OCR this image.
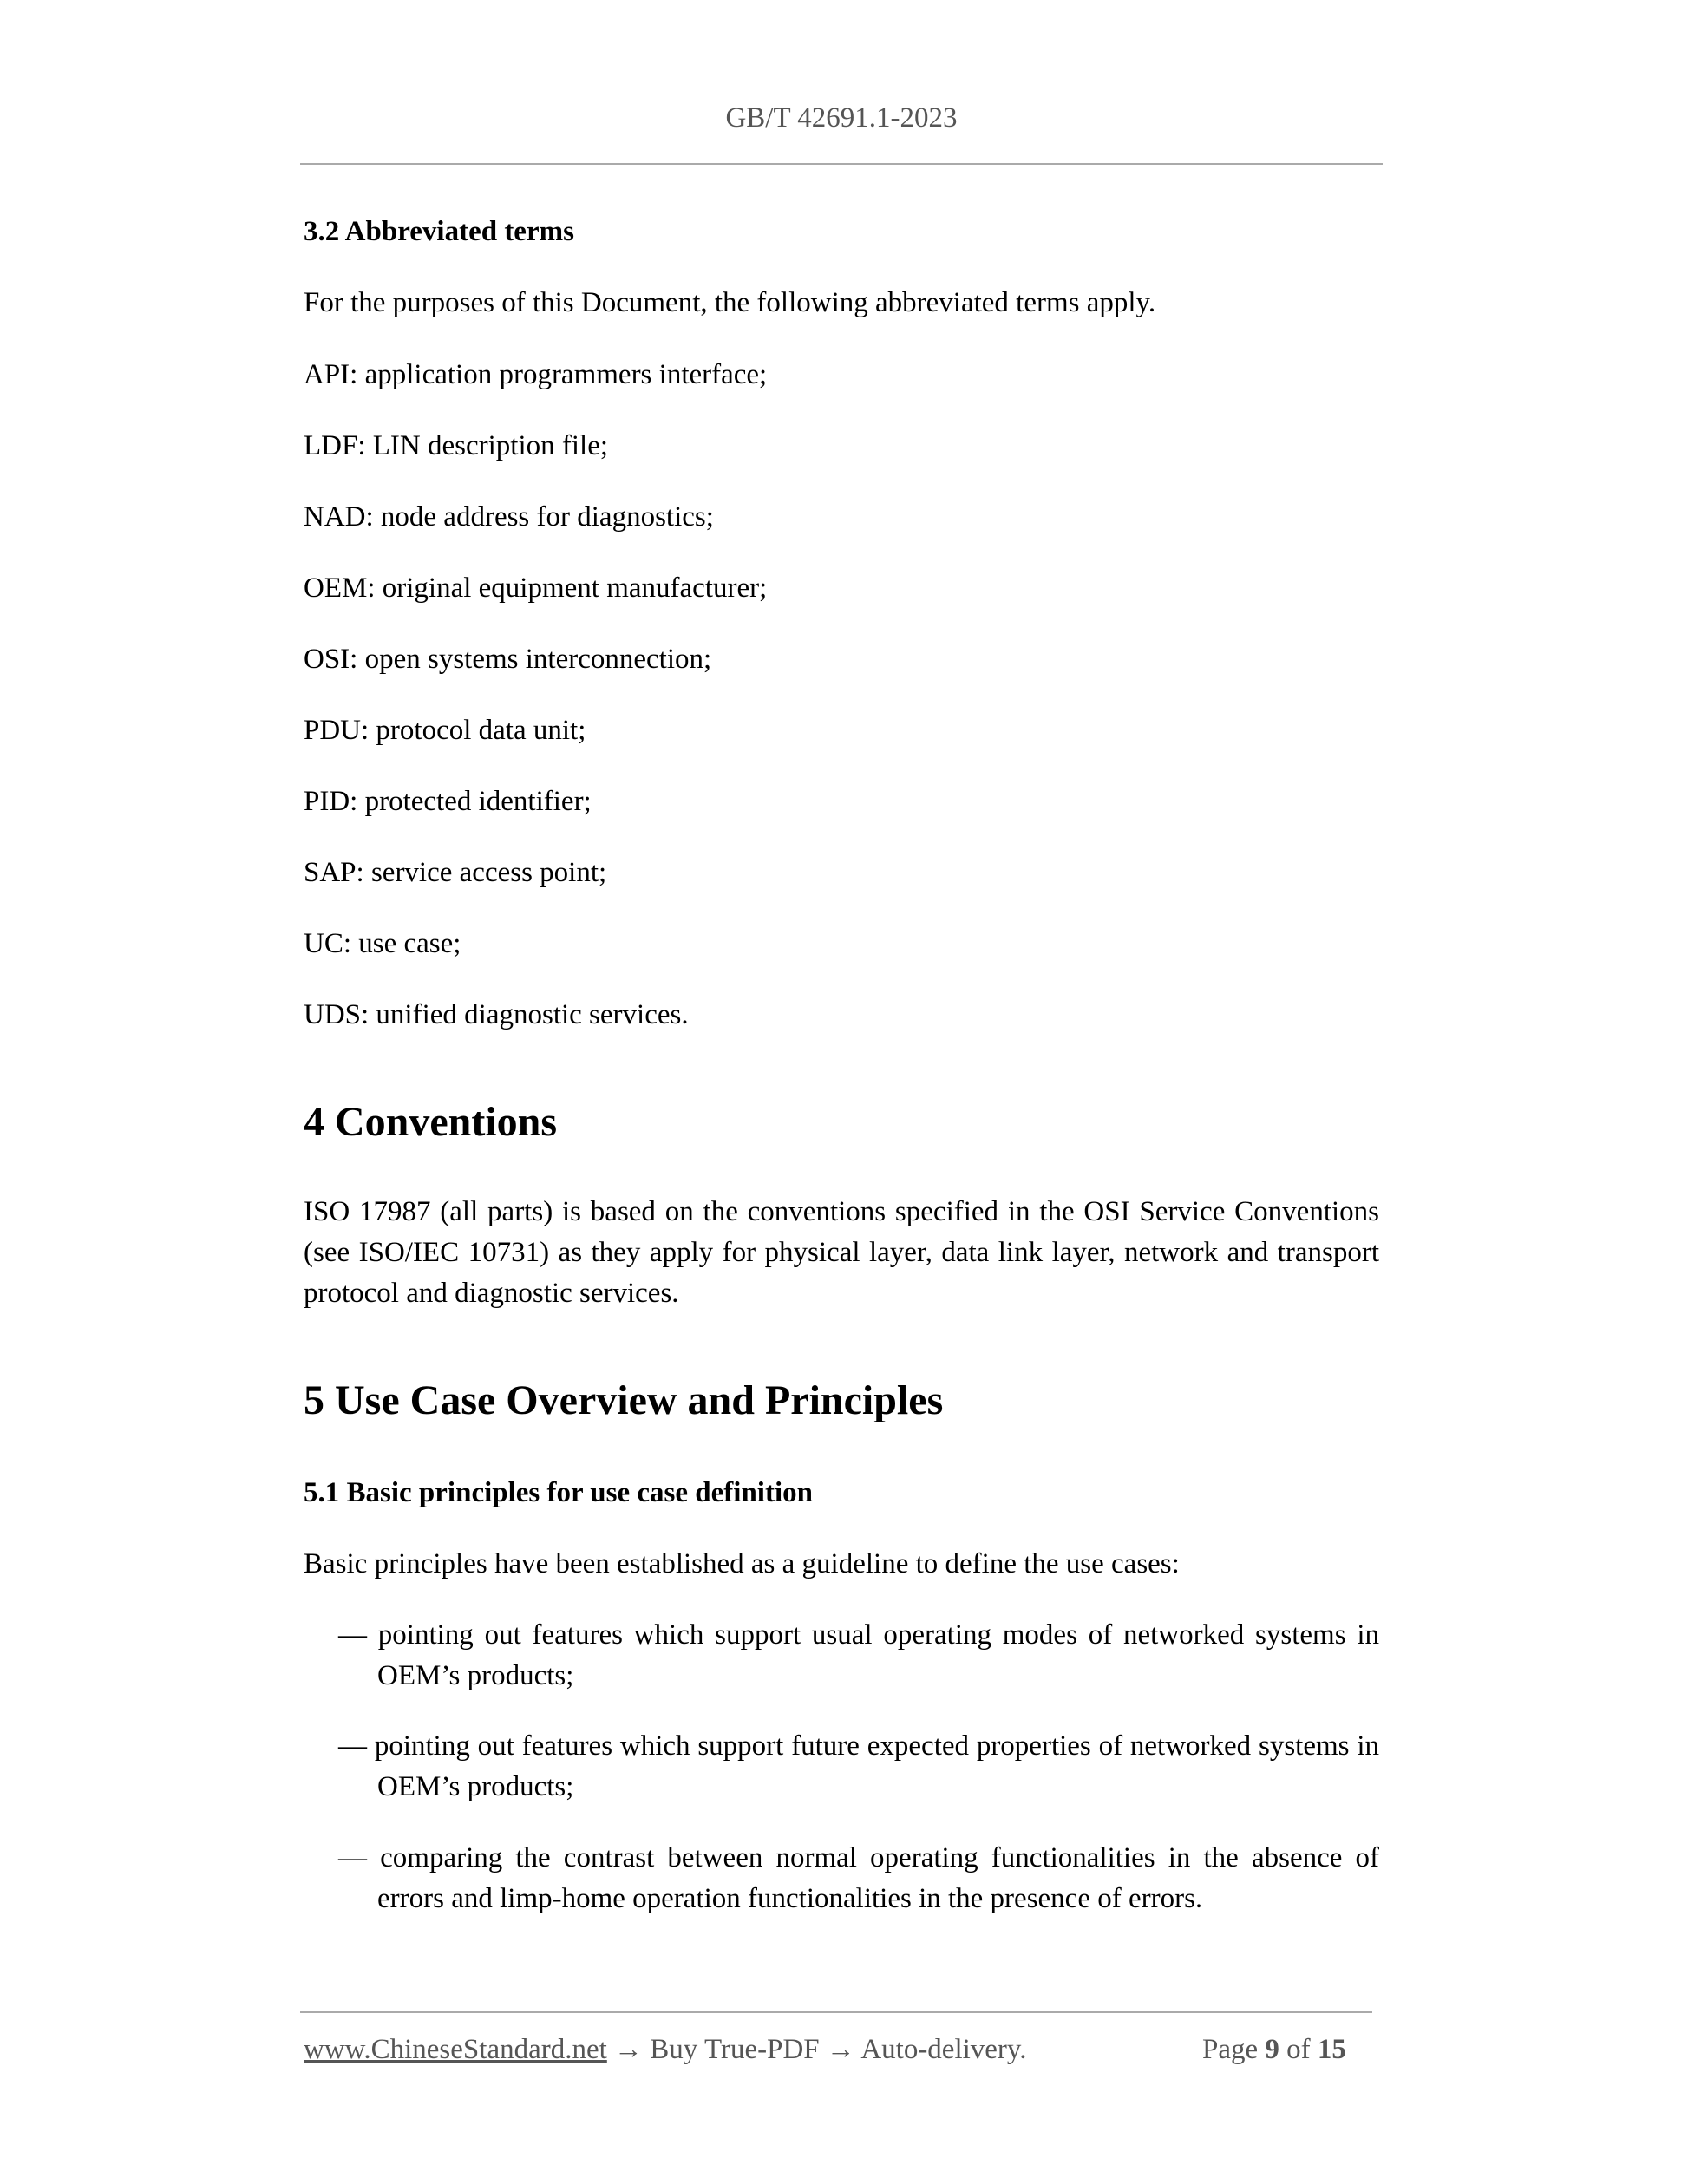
GB/T 42691.1-2023
3.2 Abbreviated terms
For the purposes of this Document, the following abbreviated terms apply.
API: application programmers interface;
LDF: LIN description file;
NAD: node address for diagnostics;
OEM: original equipment manufacturer;
OSI: open systems interconnection;
PDU: protocol data unit;
PID: protected identifier;
SAP: service access point;
UC: use case;
UDS: unified diagnostic services.
4 Conventions
ISO 17987 (all parts) is based on the conventions specified in the OSI Service Conventions (see ISO/IEC 10731) as they apply for physical layer, data link layer, network and transport protocol and diagnostic services.
5 Use Case Overview and Principles
5.1 Basic principles for use case definition
Basic principles have been established as a guideline to define the use cases:
— pointing out features which support usual operating modes of networked systems in OEM’s products;
— pointing out features which support future expected properties of networked systems in OEM’s products;
— comparing the contrast between normal operating functionalities in the absence of errors and limp-home operation functionalities in the presence of errors.
www.ChineseStandard.net → Buy True-PDF → Auto-delivery.	Page 9 of 15
